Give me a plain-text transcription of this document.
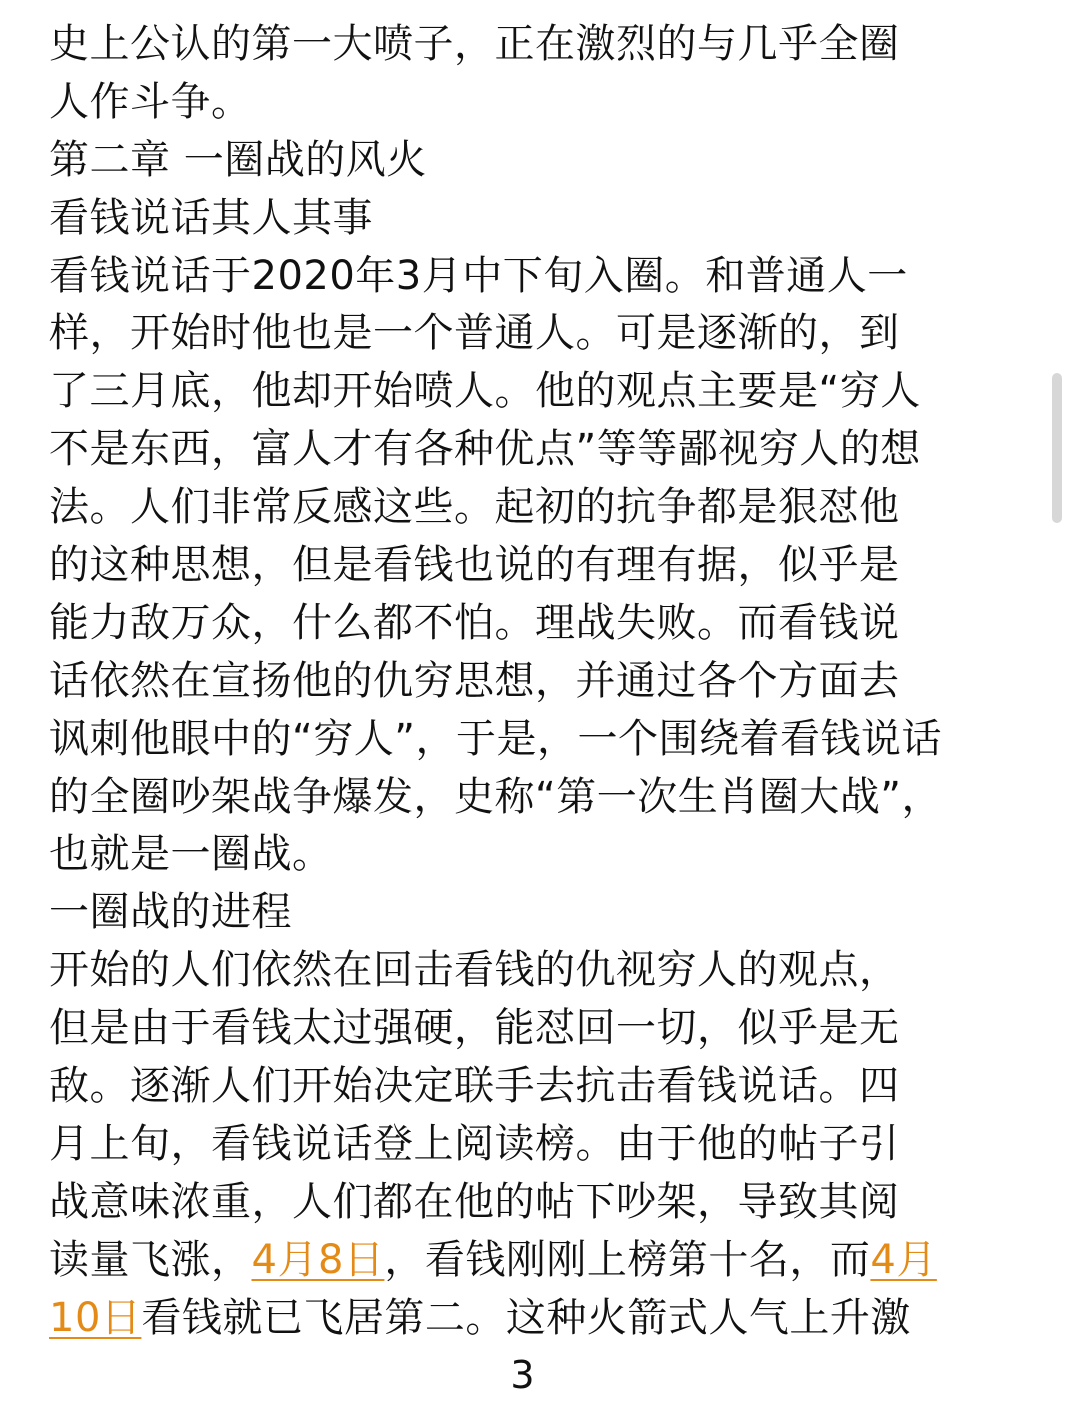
史上公认的第一大喷子，正在激烈的与几乎全圈
人作斗争。
第二章 一圈战的风火
看钱说话其人其事
看钱说话于2020年3月中下旬入圈。和普通人一
样，开始时他也是一个普通人。可是逐渐的，到
了三月底，他却开始喷人。他的观点主要是“穷人
不是东西，富人才有各种优点”等等鄙视穷人的想
法。人们非常反感这些。起初的抗争都是狠怼他
的这种思想，但是看钱也说的有理有据，似乎是
能力敌万众，什么都不怕。理战失败。而看钱说
话依然在宣扬他的仇穷思想，并通过各个方面去
讽刺他眼中的“穷人”，于是，一个围绕着看钱说话
的全圈吵架战争爆发，史称“第一次生肖圈大战”，
也就是一圈战。
一圈战的进程
开始的人们依然在回击看钱的仇视穷人的观点，
但是由于看钱太过强硬，能怼回一切，似乎是无
敌。逐渐人们开始决定联手去抗击看钱说话。四
月上旬，看钱说话登上阅读榜。由于他的帖子引
战意味浓重，人们都在他的帖下吵架，导致其阅
读量飞涨，4月8日，看钱刚刚上榜第十名，而4月
10日看钱就已飞居第二。这种火箭式人气上升激
3
